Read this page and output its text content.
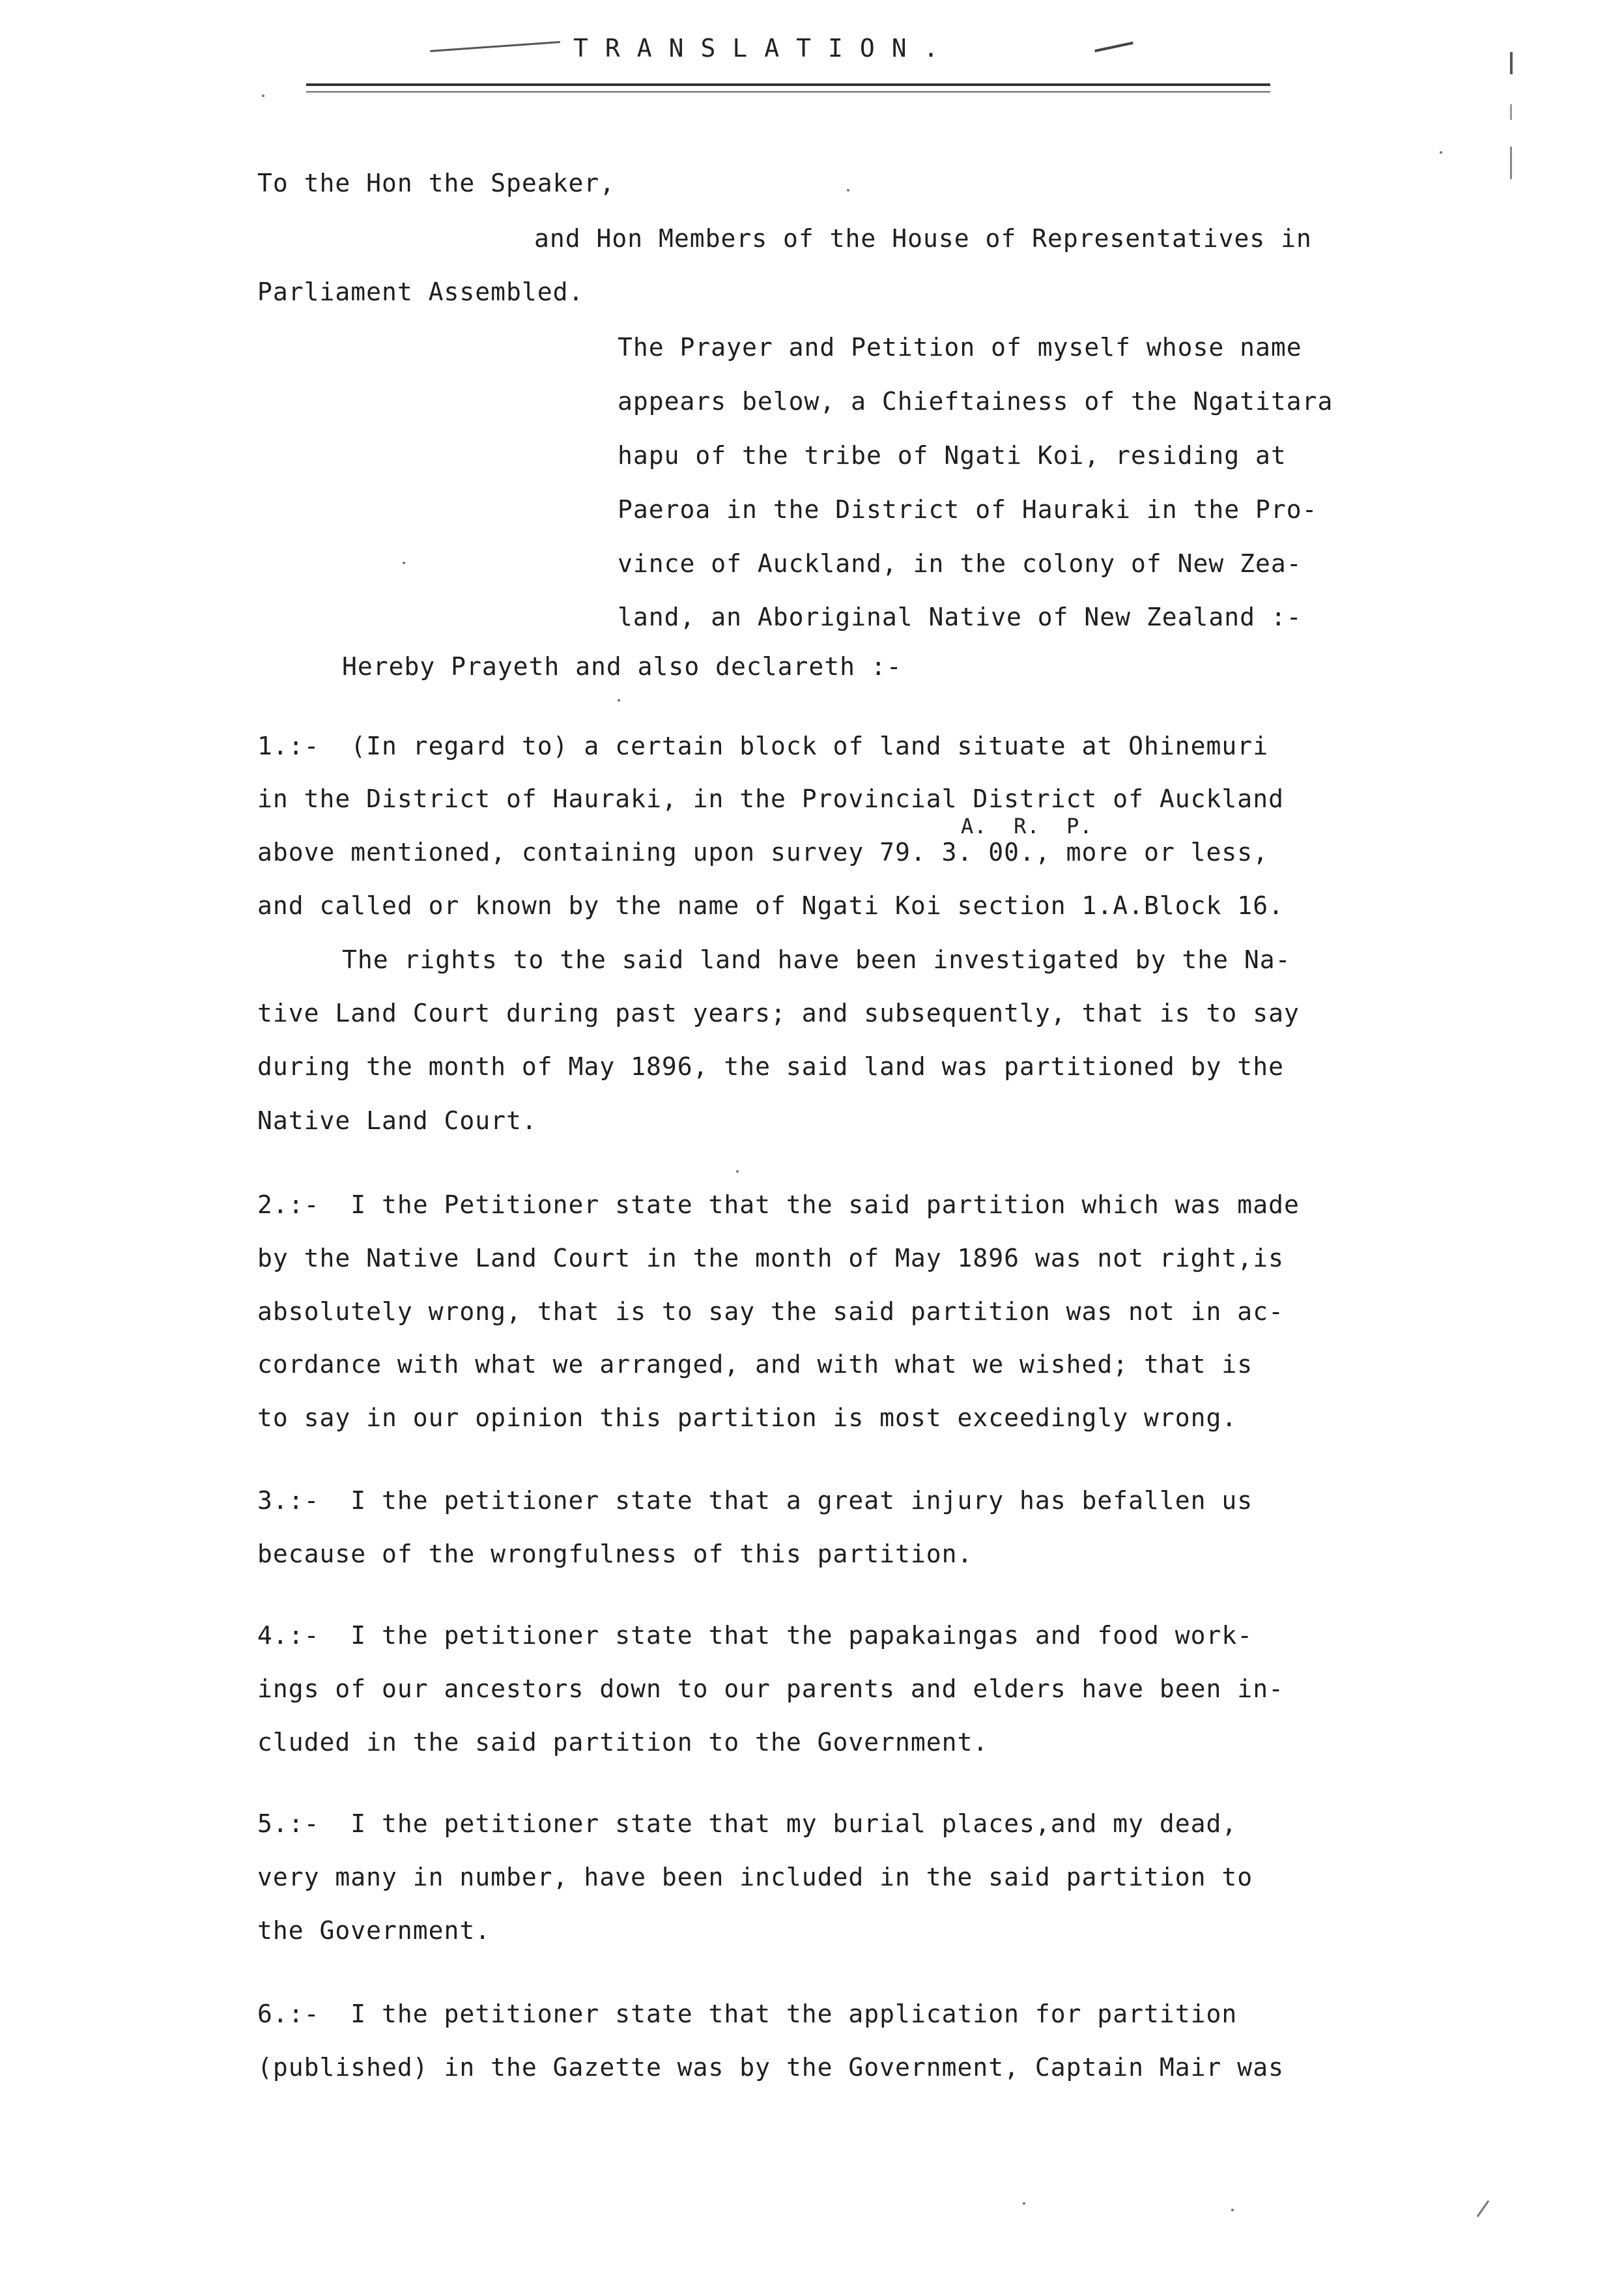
TRANSLATION.
To the Hon the Speaker,
and Hon Members of the House of Representatives in
Parliament Assembled.
The Prayer and Petition of myself whose name
appears below, a Chieftainess of the Ngatitara
hapu of the tribe of Ngati Koi, residing at
Paeroa in the District of Hauraki in the Pro-
vince of Auckland, in the colony of New Zea-
land, an Aboriginal Native of New Zealand :-
Hereby Prayeth and also declareth :-
1.:-  (In regard to) a certain block of land situate at Ohinemuri
in the District of Hauraki, in the Provincial District of Auckland
A.  R.  P.
above mentioned, containing upon survey 79. 3. 00., more or less,
and called or known by the name of Ngati Koi section 1.A.Block 16.
The rights to the said land have been investigated by the Na-
tive Land Court during past years; and subsequently, that is to say
during the month of May 1896, the said land was partitioned by the
Native Land Court.
2.:-  I the Petitioner state that the said partition which was made
by the Native Land Court in the month of May 1896 was not right,is
absolutely wrong, that is to say the said partition was not in ac-
cordance with what we arranged, and with what we wished; that is
to say in our opinion this partition is most exceedingly wrong.
3.:-  I the petitioner state that a great injury has befallen us
because of the wrongfulness of this partition.
4.:-  I the petitioner state that the papakaingas and food work-
ings of our ancestors down to our parents and elders have been in-
cluded in the said partition to the Government.
5.:-  I the petitioner state that my burial places,and my dead,
very many in number, have been included in the said partition to
the Government.
6.:-  I the petitioner state that the application for partition
(published) in the Gazette was by the Government, Captain Mair was
